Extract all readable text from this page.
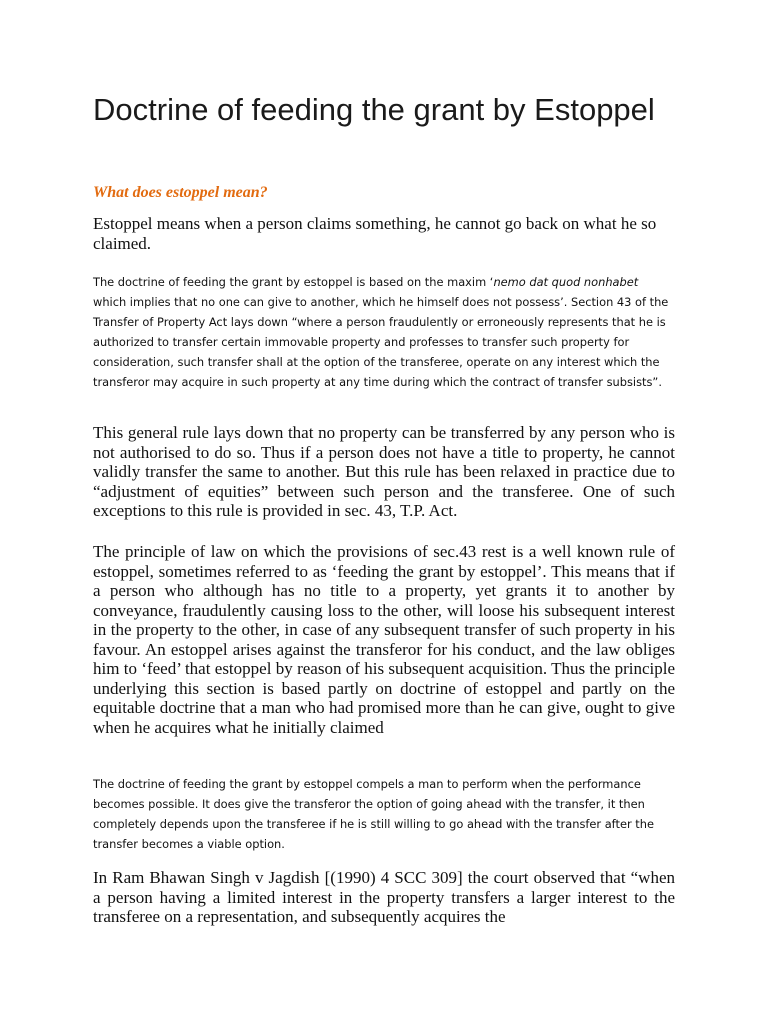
Doctrine of feeding the grant by Estoppel
What does estoppel mean?

Estoppel means when a person claims something, he cannot go back on what he so claimed.

The doctrine of feeding the grant by estoppel is based on the maxim ‘nemo dat quod nonhabet which implies that no one can give to another, which he himself does not possess’. Section 43 of the Transfer of Property Act lays down “where a person fraudulently or erroneously represents that he is authorized to transfer certain immovable property and professes to transfer such property for consideration, such transfer shall at the option of the transferee, operate on any interest which the transferor may acquire in such property at any time during which the contract of transfer subsists”.

This general rule lays down that no property can be transferred by any person who is not authorised to do so. Thus if a person does not have a title to property, he cannot validly transfer the same to another. But this rule has been relaxed in practice due to “adjustment of equities” between such person and the transferee. One of such exceptions to this rule is provided in sec. 43, T.P. Act.

The principle of law on which the provisions of sec.43 rest is a well known rule of estoppel, sometimes referred to as ‘feeding the grant by estoppel’. This means that if a person who although has no title to a property, yet grants it to another by conveyance, fraudulently causing loss to the other, will loose his subsequent interest in the property to the other, in case of any subsequent transfer of such property in his favour. An estoppel arises against the transferor for his conduct, and the law obliges him to ‘feed’ that estoppel by reason of his subsequent acquisition. Thus the principle underlying this section is based partly on doctrine of estoppel and partly on the equitable doctrine that a man who had promised more than he can give, ought to give when he acquires what he initially claimed

The doctrine of feeding the grant by estoppel compels a man to perform when the performance becomes possible. It does give the transferor the option of going ahead with the transfer, it then completely depends upon the transferee if he is still willing to go ahead with the transfer after the transfer becomes a viable option.

In Ram Bhawan Singh v Jagdish [(1990) 4 SCC 309] the court observed that “when a person having a limited interest in the property transfers a larger interest to the transferee on a representation, and subsequently acquires the
